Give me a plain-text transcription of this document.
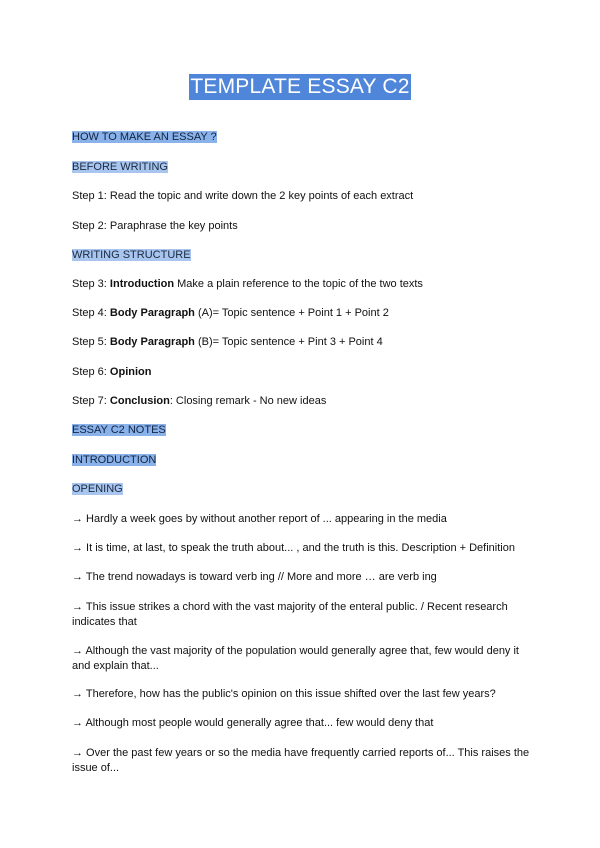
TEMPLATE ESSAY C2
HOW TO MAKE AN ESSAY ?
BEFORE WRITING
Step 1: Read the topic and write down the 2 key points of each extract
Step 2: Paraphrase the key points
WRITING STRUCTURE
Step 3: Introduction Make a plain reference to the topic of the two texts
Step 4: Body Paragraph (A)= Topic sentence + Point 1 + Point 2
Step 5: Body Paragraph (B)= Topic sentence + Pint 3 + Point 4
Step 6: Opinion
Step 7: Conclusion: Closing remark - No new ideas
ESSAY C2 NOTES
INTRODUCTION
OPENING
→ Hardly a week goes by without another report of ... appearing in the media
→ It is time, at last, to speak the truth about... , and the truth is this. Description + Definition
→ The trend nowadays is toward verb ing // More and more … are verb ing
→ This issue strikes a chord with the vast majority of the enteral public. / Recent research indicates that
→ Although the vast majority of the population would generally agree that, few would deny it and explain that...
→ Therefore, how has the public's opinion on this issue shifted over the last few years?
→ Although most people would generally agree that... few would deny that
→ Over the past few years or so the media have frequently carried reports of... This raises the issue of...
